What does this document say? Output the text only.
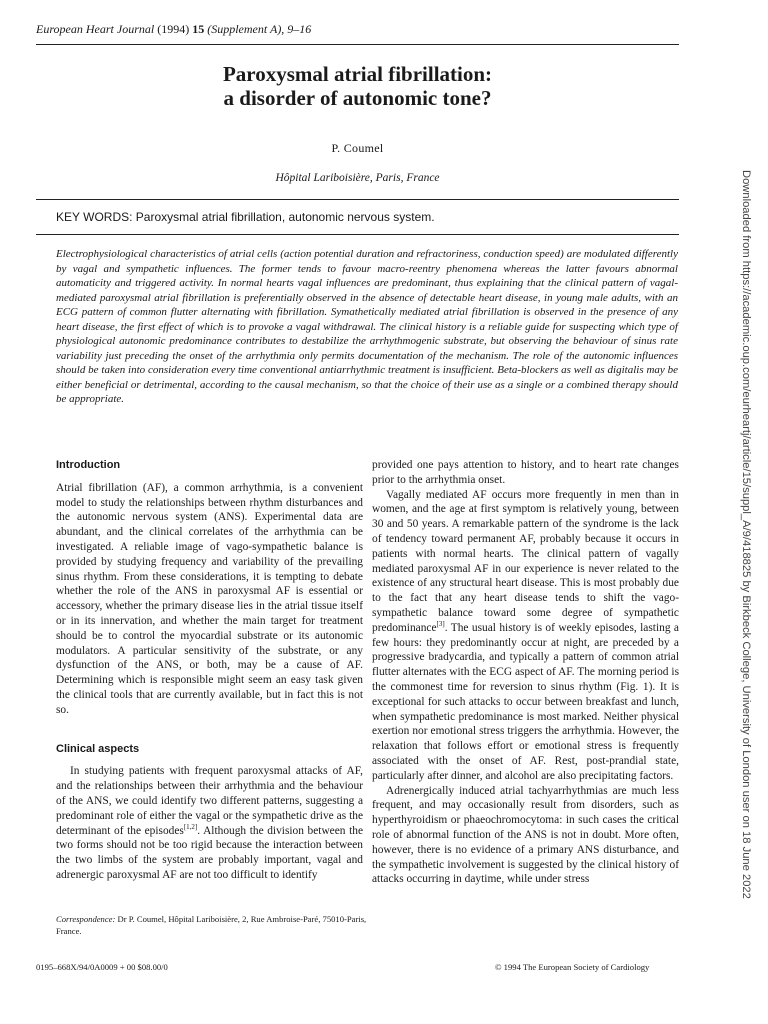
European Heart Journal (1994) 15 (Supplement A), 9–16
Paroxysmal atrial fibrillation:
a disorder of autonomic tone?
P. Coumel
Hôpital Lariboisière, Paris, France
KEY WORDS: Paroxysmal atrial fibrillation, autonomic nervous system.
Electrophysiological characteristics of atrial cells (action potential duration and refractoriness, conduction speed) are modulated differently by vagal and sympathetic influences. The former tends to favour macro-reentry phenomena whereas the latter favours abnormal automaticity and triggered activity. In normal hearts vagal influences are predominant, thus explaining that the clinical pattern of vagal-mediated paroxysmal atrial fibrillation is preferentially observed in the absence of detectable heart disease, in young male adults, with an ECG pattern of common flutter alternating with fibrillation. Symathetically mediated atrial fibrillation is observed in the presence of any heart disease, the first effect of which is to provoke a vagal withdrawal. The clinical history is a reliable guide for suspecting which type of physiological autonomic predominance contributes to destabilize the arrhythmogenic substrate, but observing the behaviour of sinus rate variability just preceding the onset of the arrhythmia only permits documentation of the mechanism. The role of the autonomic influences should be taken into consideration every time conventional antiarrhythmic treatment is insufficient. Beta-blockers as well as digitalis may be either beneficial or detrimental, according to the causal mechanism, so that the choice of their use as a single or a combined therapy should be appropriate.

Introduction

Atrial fibrillation (AF), a common arrhythmia, is a convenient model to study the relationships between rhythm disturbances and the autonomic nervous system (ANS). Experimental data are abundant, and the clinical correlates of the arrhythmia can be investigated. A reliable image of vago-sympathetic balance is provided by studying frequency and variability of the prevailing sinus rhythm. From these considerations, it is tempting to debate whether the role of the ANS in paroxysmal AF is essential or accessory, whether the primary disease lies in the atrial tissue itself or in its innervation, and whether the main target for treatment should be to control the myocardial substrate or its autonomic modulators. A particular sensitivity of the substrate, or any dysfunction of the ANS, or both, may be a cause of AF. Determining which is responsible might seem an easy task given the clinical tools that are currently available, but in fact this is not so.

Clinical aspects

In studying patients with frequent paroxysmal attacks of AF, and the relationships between their arrhythmia and the behaviour of the ANS, we could identify two different patterns, suggesting a predominant role of either the vagal or the sympathetic drive as the determinant of the episodes[1,2]. Although the division between the two forms should not be too rigid because the interaction between the two limbs of the system are probably important, vagal and adrenergic paroxysmal AF are not too difficult to identify

provided one pays attention to history, and to heart rate changes prior to the arrhythmia onset.

Vagally mediated AF occurs more frequently in men than in women, and the age at first symptom is relatively young, between 30 and 50 years. A remarkable pattern of the syndrome is the lack of tendency toward permanent AF, probably because it occurs in patients with normal hearts. The clinical pattern of vagally mediated paroxysmal AF in our experience is never related to the existence of any structural heart disease. This is most probably due to the fact that any heart disease tends to shift the vago-sympathetic balance toward some degree of sympathetic predominance[3]. The usual history is of weekly episodes, lasting a few hours: they predominantly occur at night, are preceded by a progressive bradycardia, and typically a pattern of common atrial flutter alternates with the ECG aspect of AF. The morning period is the commonest time for reversion to sinus rhythm (Fig. 1). It is exceptional for such attacks to occur between breakfast and lunch, when sympathetic predominance is most marked. Neither physical exertion nor emotional stress triggers the arrhythmia. However, the relaxation that follows effort or emotional stress is frequently associated with the onset of AF. Rest, post-prandial state, particularly after dinner, and alcohol are also precipitating factors.

Adrenergically induced atrial tachyarrhythmias are much less frequent, and may occasionally result from disorders, such as hyperthyroidism or phaeochromocytoma: in such cases the critical role of abnormal function of the ANS is not in doubt. More often, however, there is no evidence of a primary ANS disturbance, and the sympathetic involvement is suggested by the clinical history of attacks occurring in daytime, while under stress

Correspondence: Dr P. Coumel, Hôpital Lariboisière, 2, Rue Ambroise-Paré, 75010-Paris, France.
0195–668X/94/0A0009 + 00 $08.00/0	© 1994 The European Society of Cardiology
Downloaded from https://academic.oup.com/eurheartj/article/15/suppl_A/9/418825 by Birkbeck College, University of London user on 18 June 2022
